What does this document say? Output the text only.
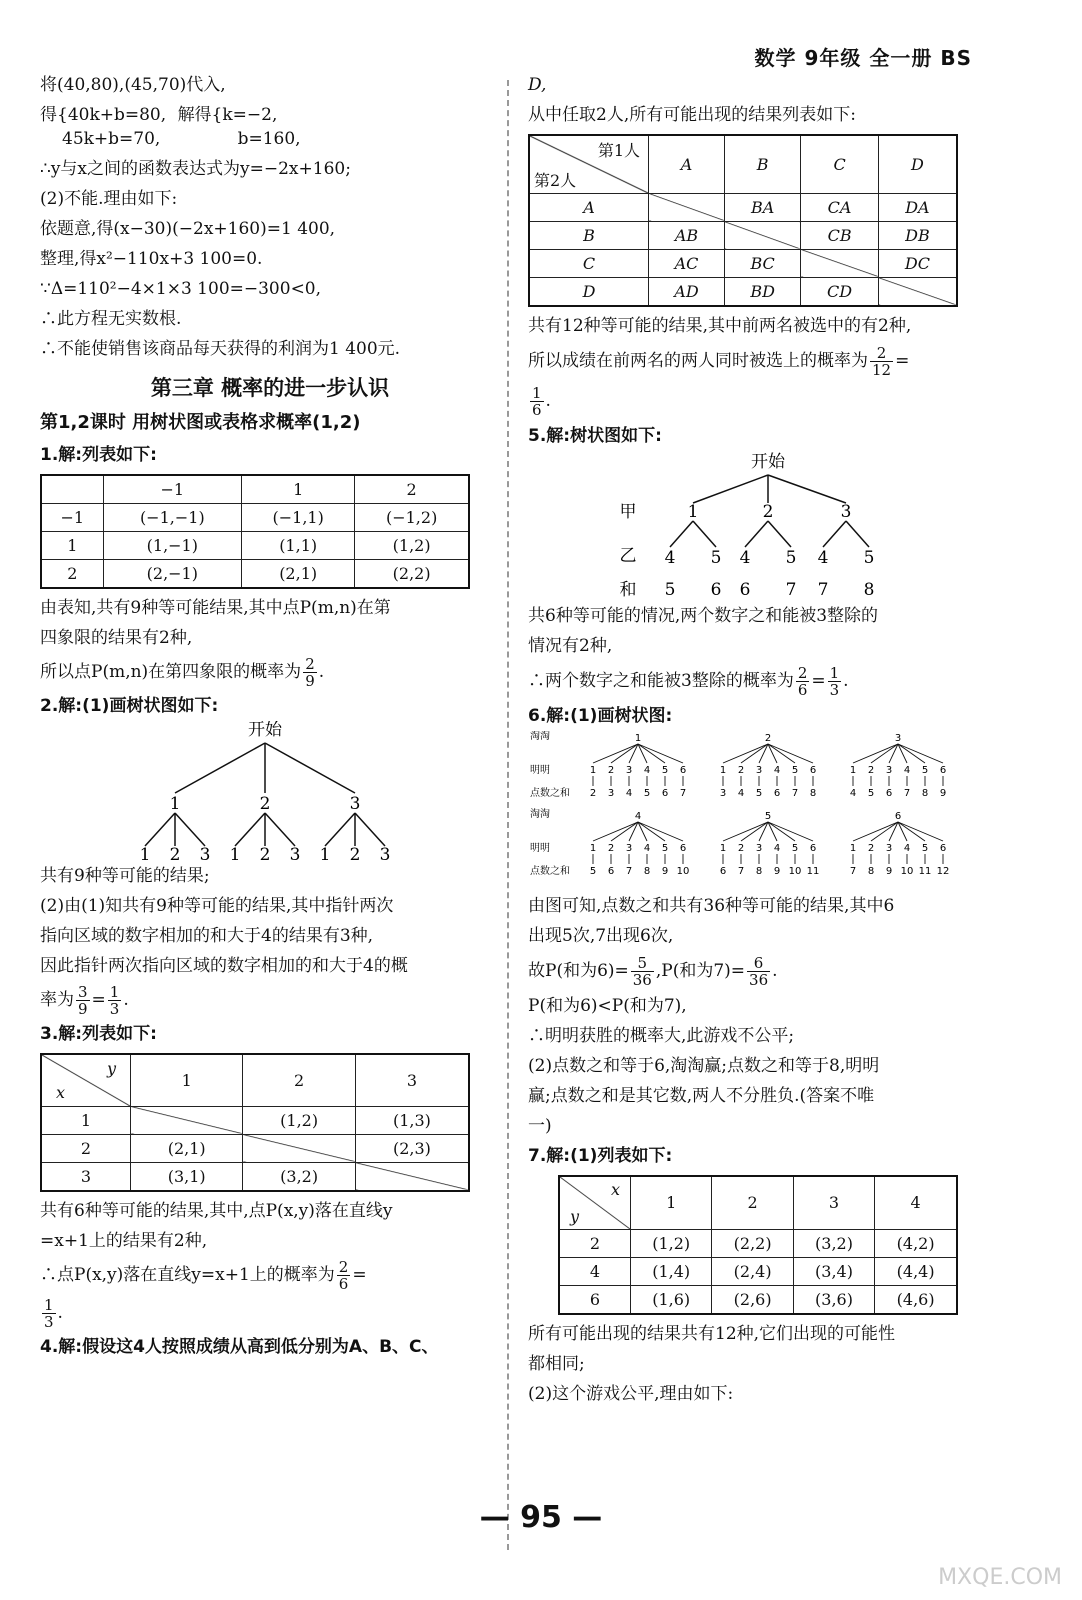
数学 9年级 全一册 BS

将(40,80),(45,70)代入,

得{40k+b=80,
45k+b=70,

解得{k=−2,
b=160,

∴y与x之间的函数表达式为y=−2x+160;

(2)不能.理由如下:

依题意,得(x−30)(−2x+160)=1 400,

整理,得x²−110x+3 100=0.

∵Δ=110²−4×1×3 100=−300<0,

∴此方程无实数根.

∴不能使销售该商品每天获得的利润为1 400元.

第三章 概率的进一步认识
第1,2课时 用树状图或表格求概率(1,2)

1.解:列表如下:

	−1	1	2
−1	(−1,−1)	(−1,1)	(−1,2)
1	(1,−1)	(1,1)	(1,2)
2	(2,−1)	(2,1)	(2,2)

由表知,共有9种等可能结果,其中点P(m,n)在第

四象限的结果有2种,

所以点P(m,n)在第四象限的概率为 $\frac{2}{9}$ .

2.解:(1)画树状图如下:

开始
1	2	3
1 2 3 1 2 3 1 2 3

共有9种等可能的结果;

(2)由(1)知共有9种等可能的结果,其中指针两次

指向区域的数字相加的和大于4的结果有3种,

因此指针两次指向区域的数字相加的和大于4的概

率为 $\frac{3}{9} = \frac{1}{3}$ .

3.解:列表如下:

y
x	1	2	3
1		(1,2)	(1,3)
2	(2,1)		(2,3)
3	(3,1)	(3,2)	

共有6种等可能的结果,其中,点P(x,y)落在直线y

=x+1上的结果有2种,

∴点P(x,y)落在直线y=x+1上的概率为 $\frac{2}{6}$ =

$\frac{1}{3}$ .

4.解:假设这4人按照成绩从高到低分别为A、B、C、

D,

从中任取2人,所有可能出现的结果列表如下:

第1人
第2人	A	B	C	D
A		BA	CA	DA
B	AB		CB	DB
C	AC	BC		DC
D	AD	BD	CD	

共有12种等可能的结果,其中前两名被选中的有2种,

所以成绩在前两名的两人同时被选上的概率为 $\frac{2}{12}$ =

$\frac{1}{6}$ .

5.解:树状图如下:

开始
甲
乙
和
1	2	3
4 5 4 5 4 5
5 6 6 7 7 8

共6种等可能的情况,两个数字之和能被3整除的

情况有2种,

∴两个数字之和能被3整除的概率为 $\frac{2}{6} = \frac{1}{3}$ .

6.解:(1)画树状图:

1
1
2
2
3
3
4
4
5
5
6
6
7
2
1
3
2
4
3
5
4
6
5
7
6
8
3
1
4
2
5
3
6
4
7
5
8
6
9
4
1
5
2
6
3
7
4
8
5
9
6
10
5
1
6
2
7
3
8
4
9
5
10
6
11
6
1
7
2
8
3
9
4
10
5
11
6
12
淘淘
明明
点数之和
淘淘
明明
点数之和

由图可知,点数之和共有36种等可能的结果,其中6

出现5次,7出现6次,

故P(和为$6)= \frac{5}{36} ,P$(和为$7)= \frac{6}{36}$ .

P(和为6)<P(和为7),

∴明明获胜的概率大,此游戏不公平;

(2)点数之和等于6,淘淘赢;点数之和等于8,明明

赢;点数之和是其它数,两人不分胜负.(答案不唯

一)

7.解:(1)列表如下:

x
y	1	2	3	4
2	(1,2)	(2,2)	(3,2)	(4,2)
4	(1,4)	(2,4)	(3,4)	(4,4)
6	(1,6)	(2,6)	(3,6)	(4,6)

所有可能出现的结果共有12种,它们出现的可能性

都相同;

(2)这个游戏公平,理由如下:

— 95 —
MXQE.COM
